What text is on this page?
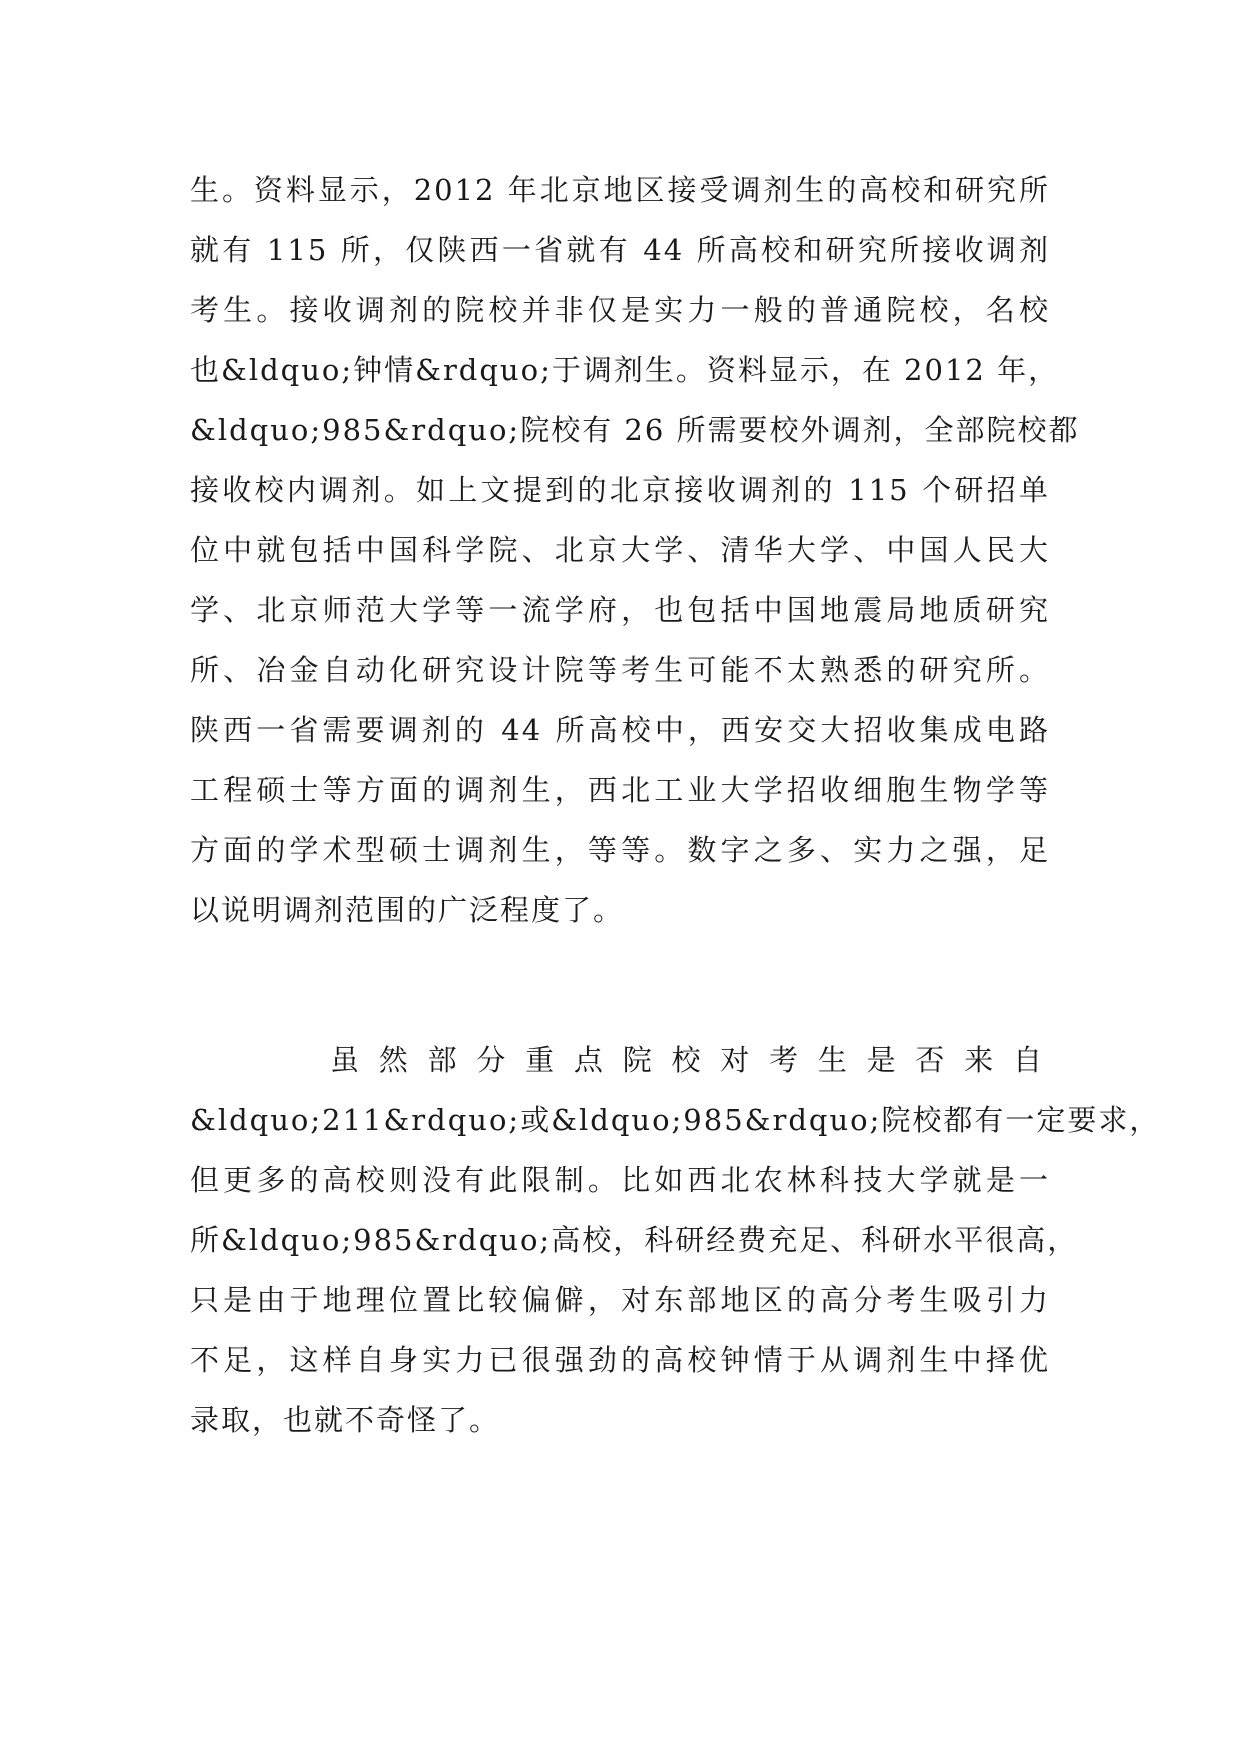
生。资料显示，2012 年北京地区接受调剂生的高校和研究所
就有 115 所，仅陕西一省就有 44 所高校和研究所接收调剂
考生。接收调剂的院校并非仅是实力一般的普通院校，名校
也&ldquo;钟情&rdquo;于调剂生。资料显示，在 2012 年，
&ldquo;985&rdquo;院校有 26 所需要校外调剂，全部院校都
接收校内调剂。如上文提到的北京接收调剂的 115 个研招单
位中就包括中国科学院、北京大学、清华大学、中国人民大
学、北京师范大学等一流学府，也包括中国地震局地质研究
所、冶金自动化研究设计院等考生可能不太熟悉的研究所。
陕西一省需要调剂的 44 所高校中，西安交大招收集成电路
工程硕士等方面的调剂生，西北工业大学招收细胞生物学等
方面的学术型硕士调剂生，等等。数字之多、实力之强，足
以说明调剂范围的广泛程度了。
虽然部分重点院校对考生是否来自
&ldquo;211&rdquo;或&ldquo;985&rdquo;院校都有一定要求，
但更多的高校则没有此限制。比如西北农林科技大学就是一
所&ldquo;985&rdquo;高校，科研经费充足、科研水平很高，
只是由于地理位置比较偏僻，对东部地区的高分考生吸引力
不足，这样自身实力已很强劲的高校钟情于从调剂生中择优
录取，也就不奇怪了。
